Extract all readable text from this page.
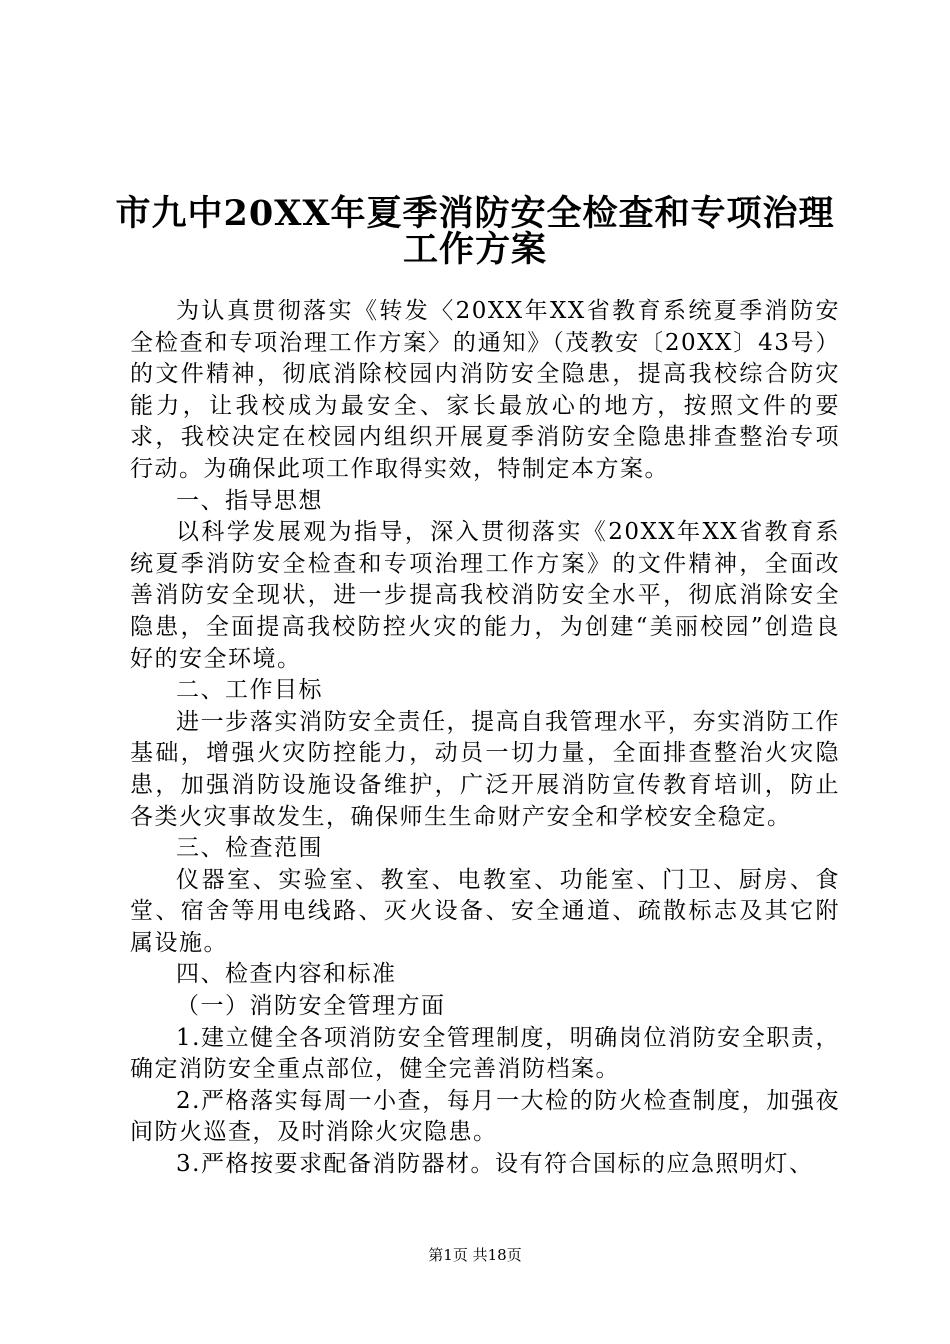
市九中20XX年夏季消防安全检查和专项治理
工作方案

为认真贯彻落实《转发〈20XX年XX省教育系统夏季消防安全检查和专项治理工作方案〉的通知》（茂教安〔20XX〕43号）的文件精神，彻底消除校园内消防安全隐患，提高我校综合防灾能力，让我校成为最安全、家长最放心的地方，按照文件的要求，我校决定在校园内组织开展夏季消防安全隐患排查整治专项行动。为确保此项工作取得实效，特制定本方案。

一、指导思想

以科学发展观为指导，深入贯彻落实《20XX年XX省教育系统夏季消防安全检查和专项治理工作方案》的文件精神，全面改善消防安全现状，进一步提高我校消防安全水平，彻底消除安全隐患，全面提高我校防控火灾的能力，为创建“美丽校园”创造良好的安全环境。

二、工作目标

进一步落实消防安全责任，提高自我管理水平，夯实消防工作基础，增强火灾防控能力，动员一切力量，全面排查整治火灾隐患，加强消防设施设备维护，广泛开展消防宣传教育培训，防止各类火灾事故发生，确保师生生命财产安全和学校安全稳定。

三、检查范围

仪器室、实验室、教室、电教室、功能室、门卫、厨房、食堂、宿舍等用电线路、灭火设备、安全通道、疏散标志及其它附属设施。

四、检查内容和标准

（一）消防安全管理方面

1.建立健全各项消防安全管理制度，明确岗位消防安全职责，确定消防安全重点部位，健全完善消防档案。

2.严格落实每周一小查，每月一大检的防火检查制度，加强夜间防火巡查，及时消除火灾隐患。

3.严格按要求配备消防器材。设有符合国标的应急照明灯、

第1页 共18页
